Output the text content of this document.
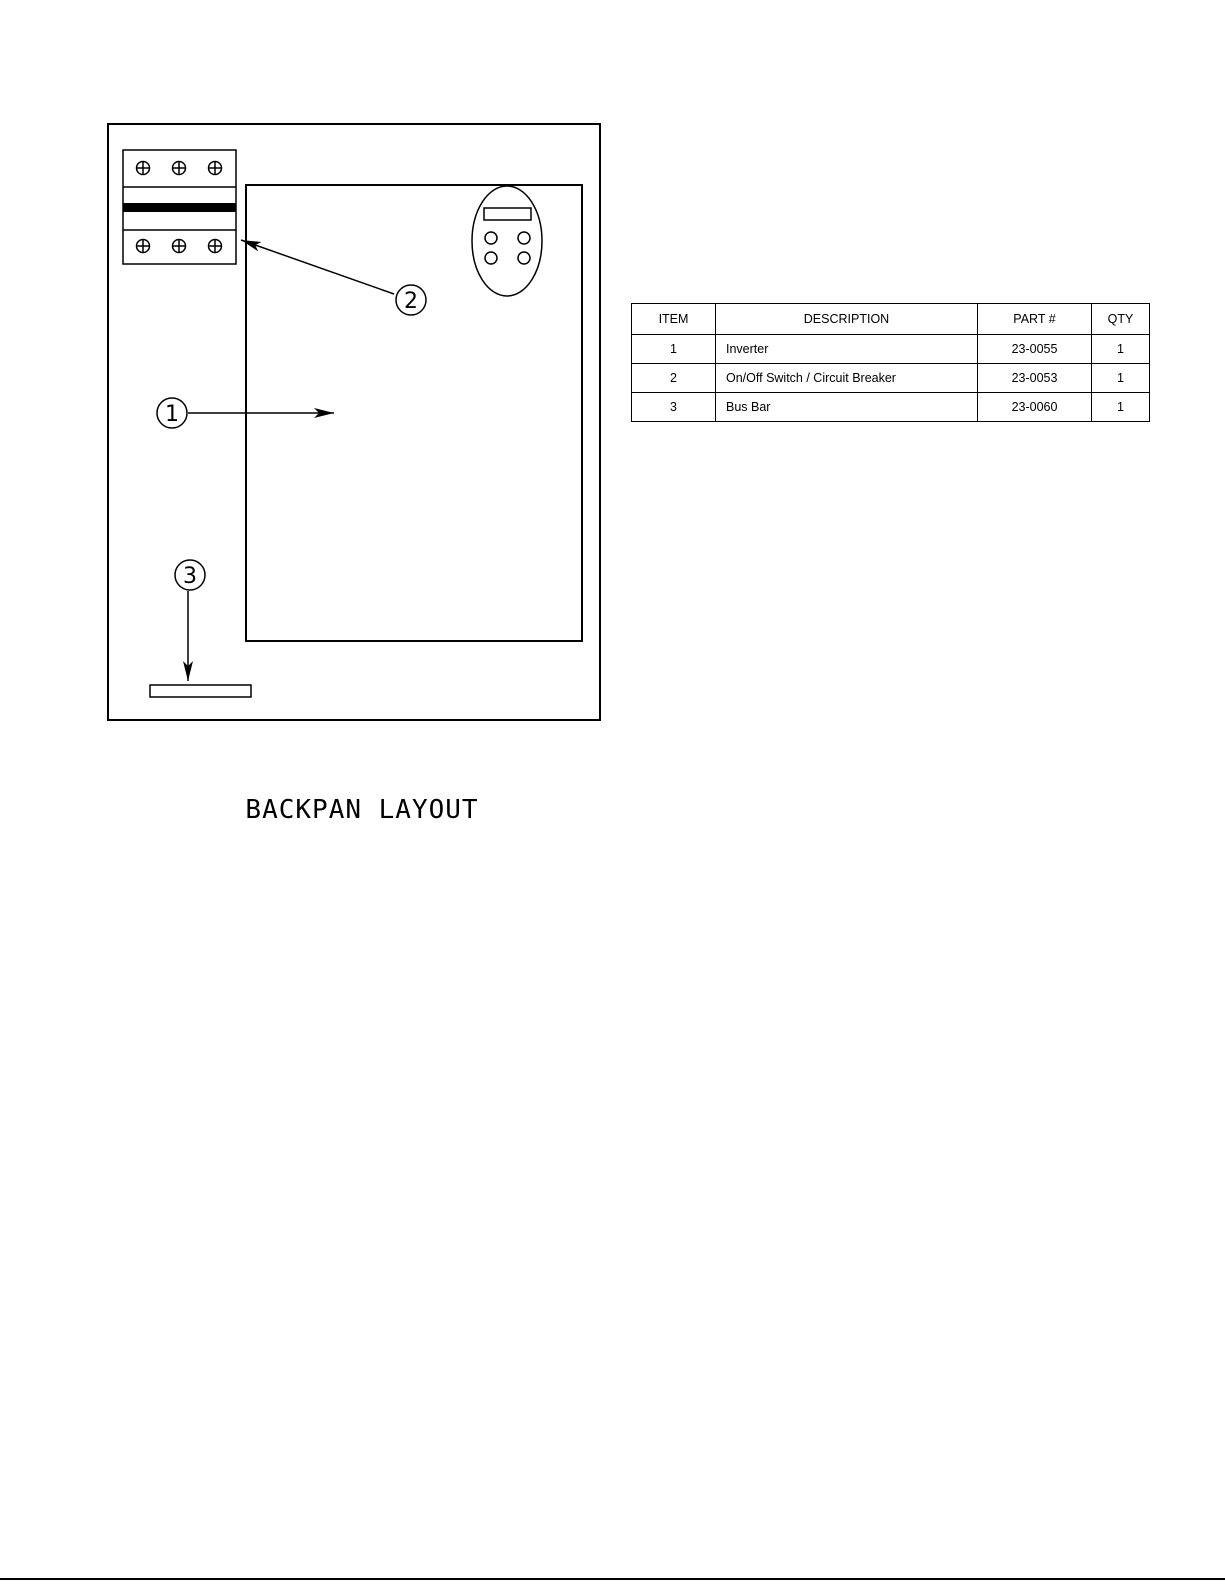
1
2
3
BACKPAN LAYOUT
ITEM	DESCRIPTION	PART #	QTY
1	Inverter	23-0055	1
2	On/Off Switch / Circuit Breaker	23-0053	1
3	Bus Bar	23-0060	1
